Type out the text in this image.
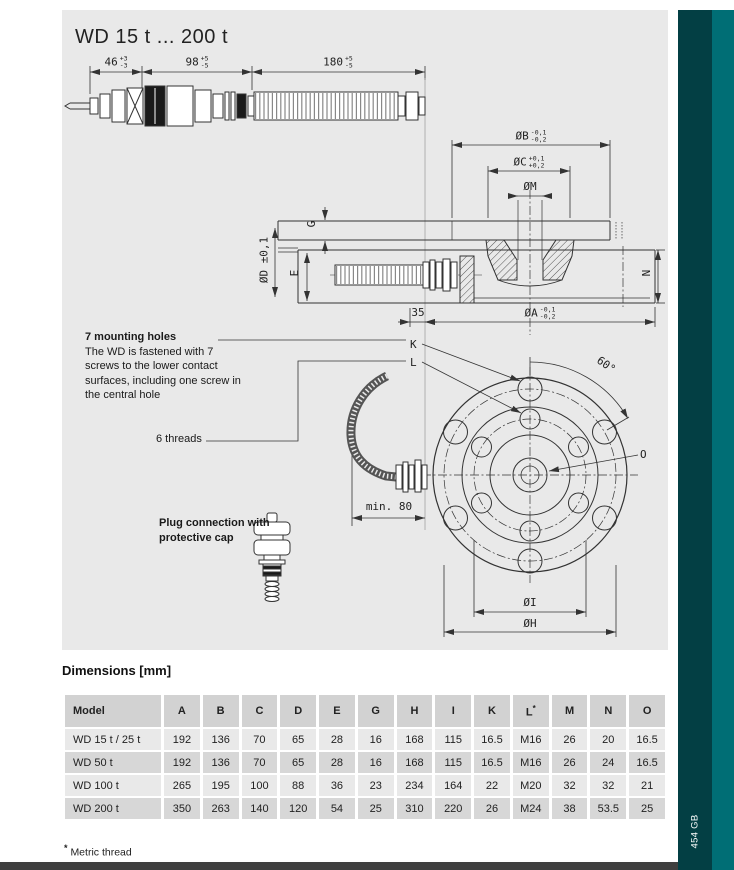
WD 15 t ... 200 t
ØM
G
E	N
35
K
L
O
60°
min. 80
ØI
ØH
46 +3
-3	98 +5
-5	180 +5
-5
ØB -0,1
-0,2
ØC +0,1
+0,2
ØA -0,1
-0,2
ØD ±0,1
7 mounting holes
The WD is fastened with 7
screws to the lower contact
surfaces, including one screw in
the central hole
6 threads
Plug connection with
protective cap
Dimensions [mm]
Model	A	B	C	D	E	G	H	I	K	L*	M	N	O
WD 15 t / 25 t	192	136	70	65	28	16	168	115	16.5	M16	26	20	16.5
WD 50 t	192	136	70	65	28	16	168	115	16.5	M16	26	24	16.5
WD 100 t	265	195	100	88	36	23	234	164	22	M20	32	32	21
WD 200 t	350	263	140	120	54	25	310	220	26	M24	38	53.5	25
* Metric thread
454 GB
